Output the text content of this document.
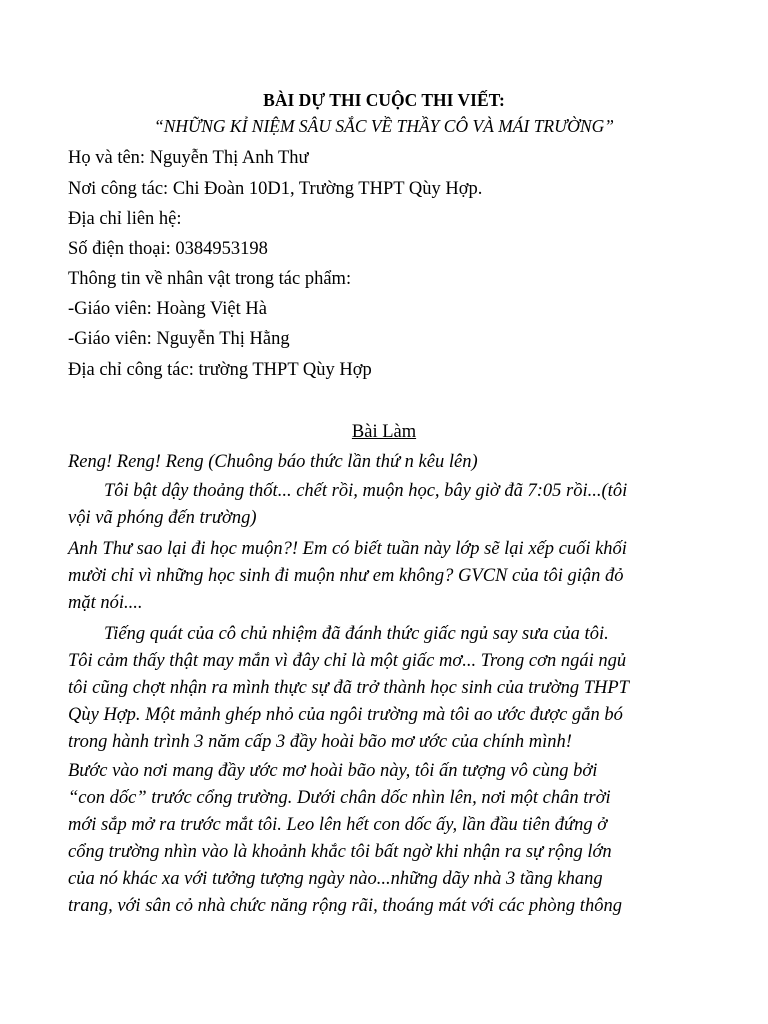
BÀI DỰ THI CUỘC THI VIẾT:
“NHỮNG KỈ NIỆM SÂU SẮC VỀ THẦY CÔ VÀ MÁI TRƯỜNG”
Họ và tên: Nguyễn Thị Anh Thư
Nơi công tác: Chi Đoàn 10D1, Trường THPT Qùy Hợp.
Địa chỉ liên hệ:
Số điện thoại: 0384953198
Thông tin về nhân vật trong tác phẩm:
-Giáo viên: Hoàng Việt Hà
-Giáo viên: Nguyễn Thị Hằng
Địa chỉ công tác: trường THPT Qùy Hợp
Bài Làm
Reng! Reng! Reng (Chuông báo thức lần thứ n kêu lên)
Tôi bật dậy thoảng thốt... chết rồi, muộn học, bây giờ đã 7:05 rồi...(tôi
vội vã phóng đến trường)
Anh Thư sao lại đi học muộn?! Em có biết tuần này lớp sẽ lại xếp cuối khối
mười chỉ vì những học sinh đi muộn như em không? GVCN của tôi giận đỏ
mặt nói....
Tiếng quát của cô chủ nhiệm đã đánh thức giấc ngủ say sưa của tôi.
Tôi cảm thấy thật may mắn vì đây chỉ là một giấc mơ... Trong cơn ngái ngủ
tôi cũng chợt nhận ra mình thực sự đã trở thành học sinh của trường THPT
Qùy Hợp. Một mảnh ghép nhỏ của ngôi trường mà tôi ao ước được gắn bó
trong hành trình 3 năm cấp 3 đầy hoài bão mơ ước của chính mình!
Bước vào nơi mang đầy ước mơ hoài bão này, tôi ấn tượng vô cùng bởi
“con dốc” trước cổng trường. Dưới chân dốc nhìn lên, nơi một chân trời
mới sắp mở ra trước mắt tôi. Leo lên hết con dốc ấy, lần đầu tiên đứng ở
cổng trường nhìn vào là khoảnh khắc tôi bất ngờ khi nhận ra sự rộng lớn
của nó khác xa với tưởng tượng ngày nào...những dãy nhà 3 tầng khang
trang, với sân cỏ nhà chức năng rộng rãi, thoáng mát với các phòng thông
